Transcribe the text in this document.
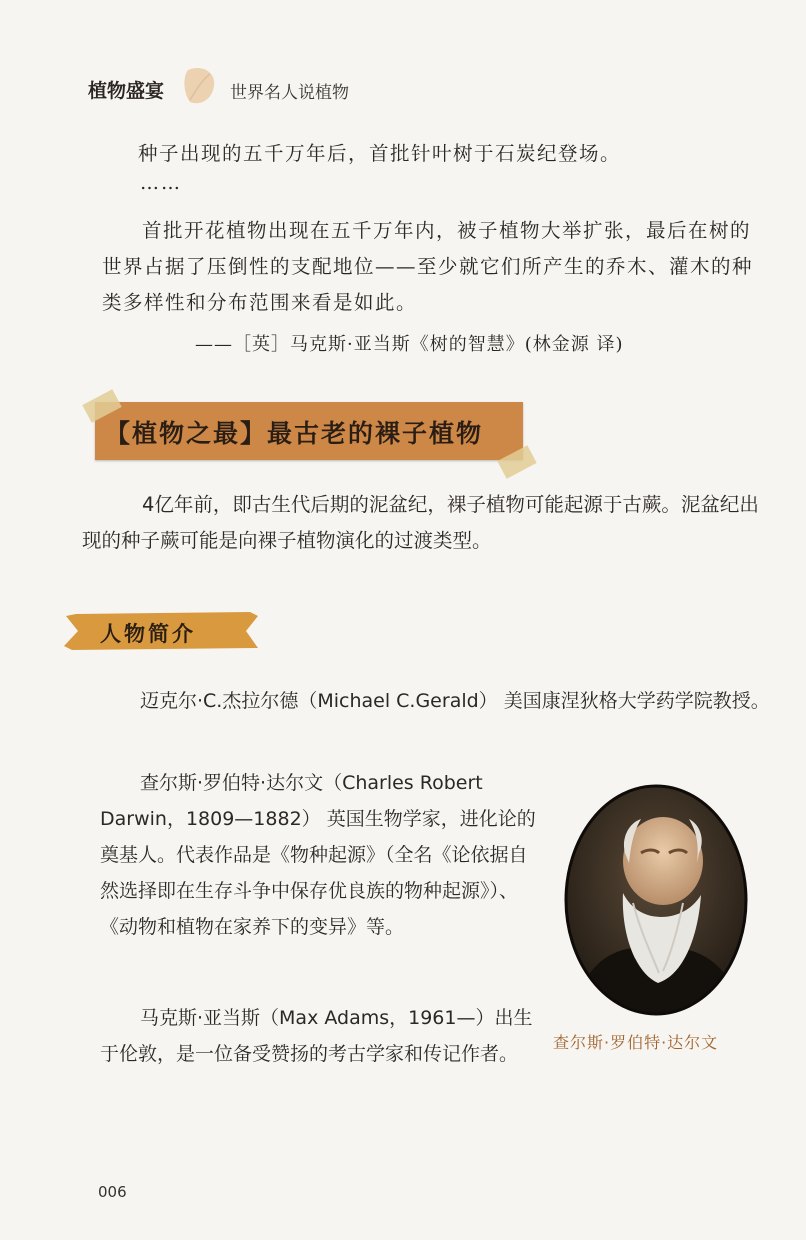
植物盛宴	世界名人说植物
种子出现的五千万年后，首批针叶树于石炭纪登场。
……
首批开花植物出现在五千万年内，被子植物大举扩张，最后在树的世界占据了压倒性的支配地位——至少就它们所产生的乔木、灌木的种类多样性和分布范围来看是如此。
——［英］马克斯·亚当斯《树的智慧》(林金源 译)
【植物之最】最古老的裸子植物
4亿年前，即古生代后期的泥盆纪，裸子植物可能起源于古蕨。泥盆纪出现的种子蕨可能是向裸子植物演化的过渡类型。
人物简介
迈克尔·C.杰拉尔德（Michael C.Gerald） 美国康涅狄格大学药学院教授。
查尔斯·罗伯特·达尔文（Charles Robert Darwin，1809—1882） 英国生物学家，进化论的奠基人。代表作品是《物种起源》（全名《论依据自然选择即在生存斗争中保存优良族的物种起源》）、《动物和植物在家养下的变异》等。
马克斯·亚当斯（Max Adams，1961—）出生于伦敦，是一位备受赞扬的考古学家和传记作者。
查尔斯·罗伯特·达尔文
006
